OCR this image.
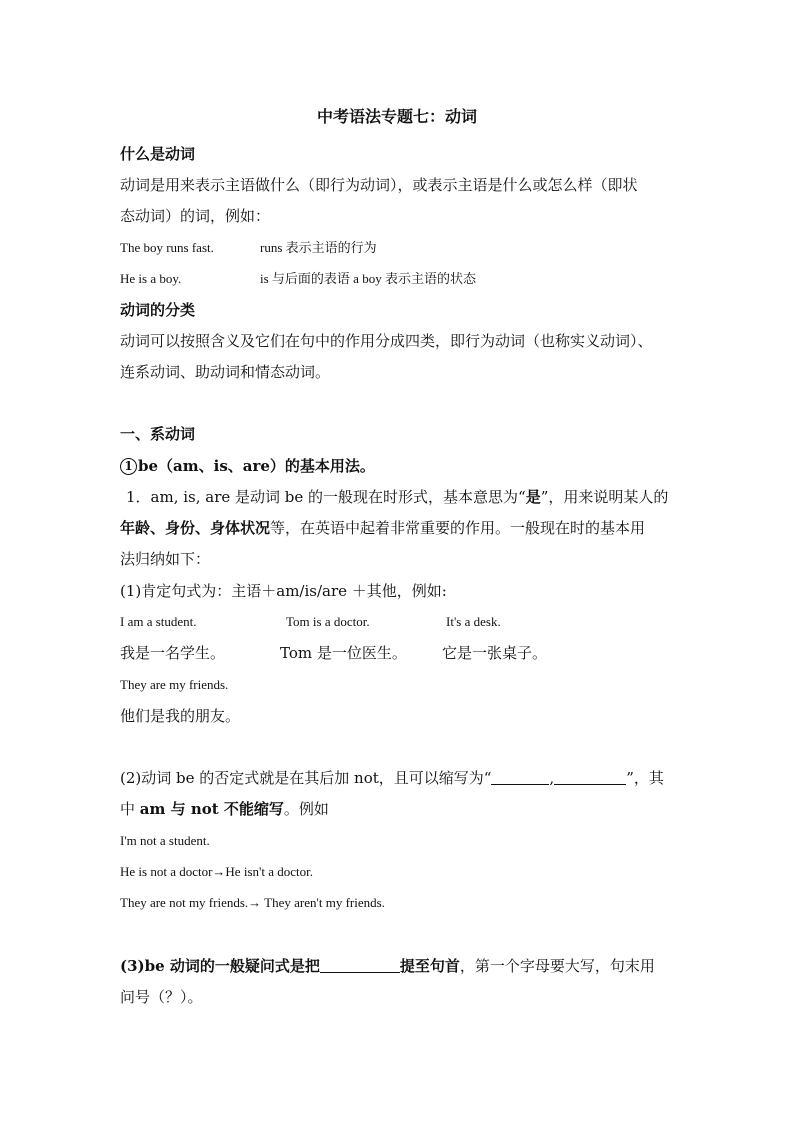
中考语法专题七：动词
什么是动词
动词是用来表示主语做什么（即行为动词），或表示主语是什么或怎么样（即状
态动词）的词，例如：
The boy runs fast.	runs 表示主语的行为
He is a boy.	is 与后面的表语 a boy 表示主语的状态
动词的分类
动词可以按照含义及它们在句中的作用分成四类，即行为动词（也称实义动词）、
连系动词、助动词和情态动词。
一、系动词
1 be（am、is、are）的基本用法。
1．am, is, are 是动词 be 的一般现在时形式，基本意思为“是”，用来说明某人的
年龄、身份、身体状况等，在英语中起着非常重要的作用。一般现在时的基本用
法归纳如下：
(1)肯定句式为：主语＋am/is/are ＋其他，例如:
I am a student.	Tom is a doctor.	It's a desk.
我是一名学生。	Tom 是一位医生。 它是一张桌子。
They are my friends.
他们是我的朋友。
(2)动词 be 的否定式就是在其后加 not，且可以缩写为“	,	”，其
中 am 与 not 不能缩写。例如
I'm not a student.
He is not a doctor→He isn't a doctor.
They are not my friends.→ They aren't my friends.
(3)be 动词的一般疑问式是把	提至句首，第一个字母要大写，句末用
问号（？）。
